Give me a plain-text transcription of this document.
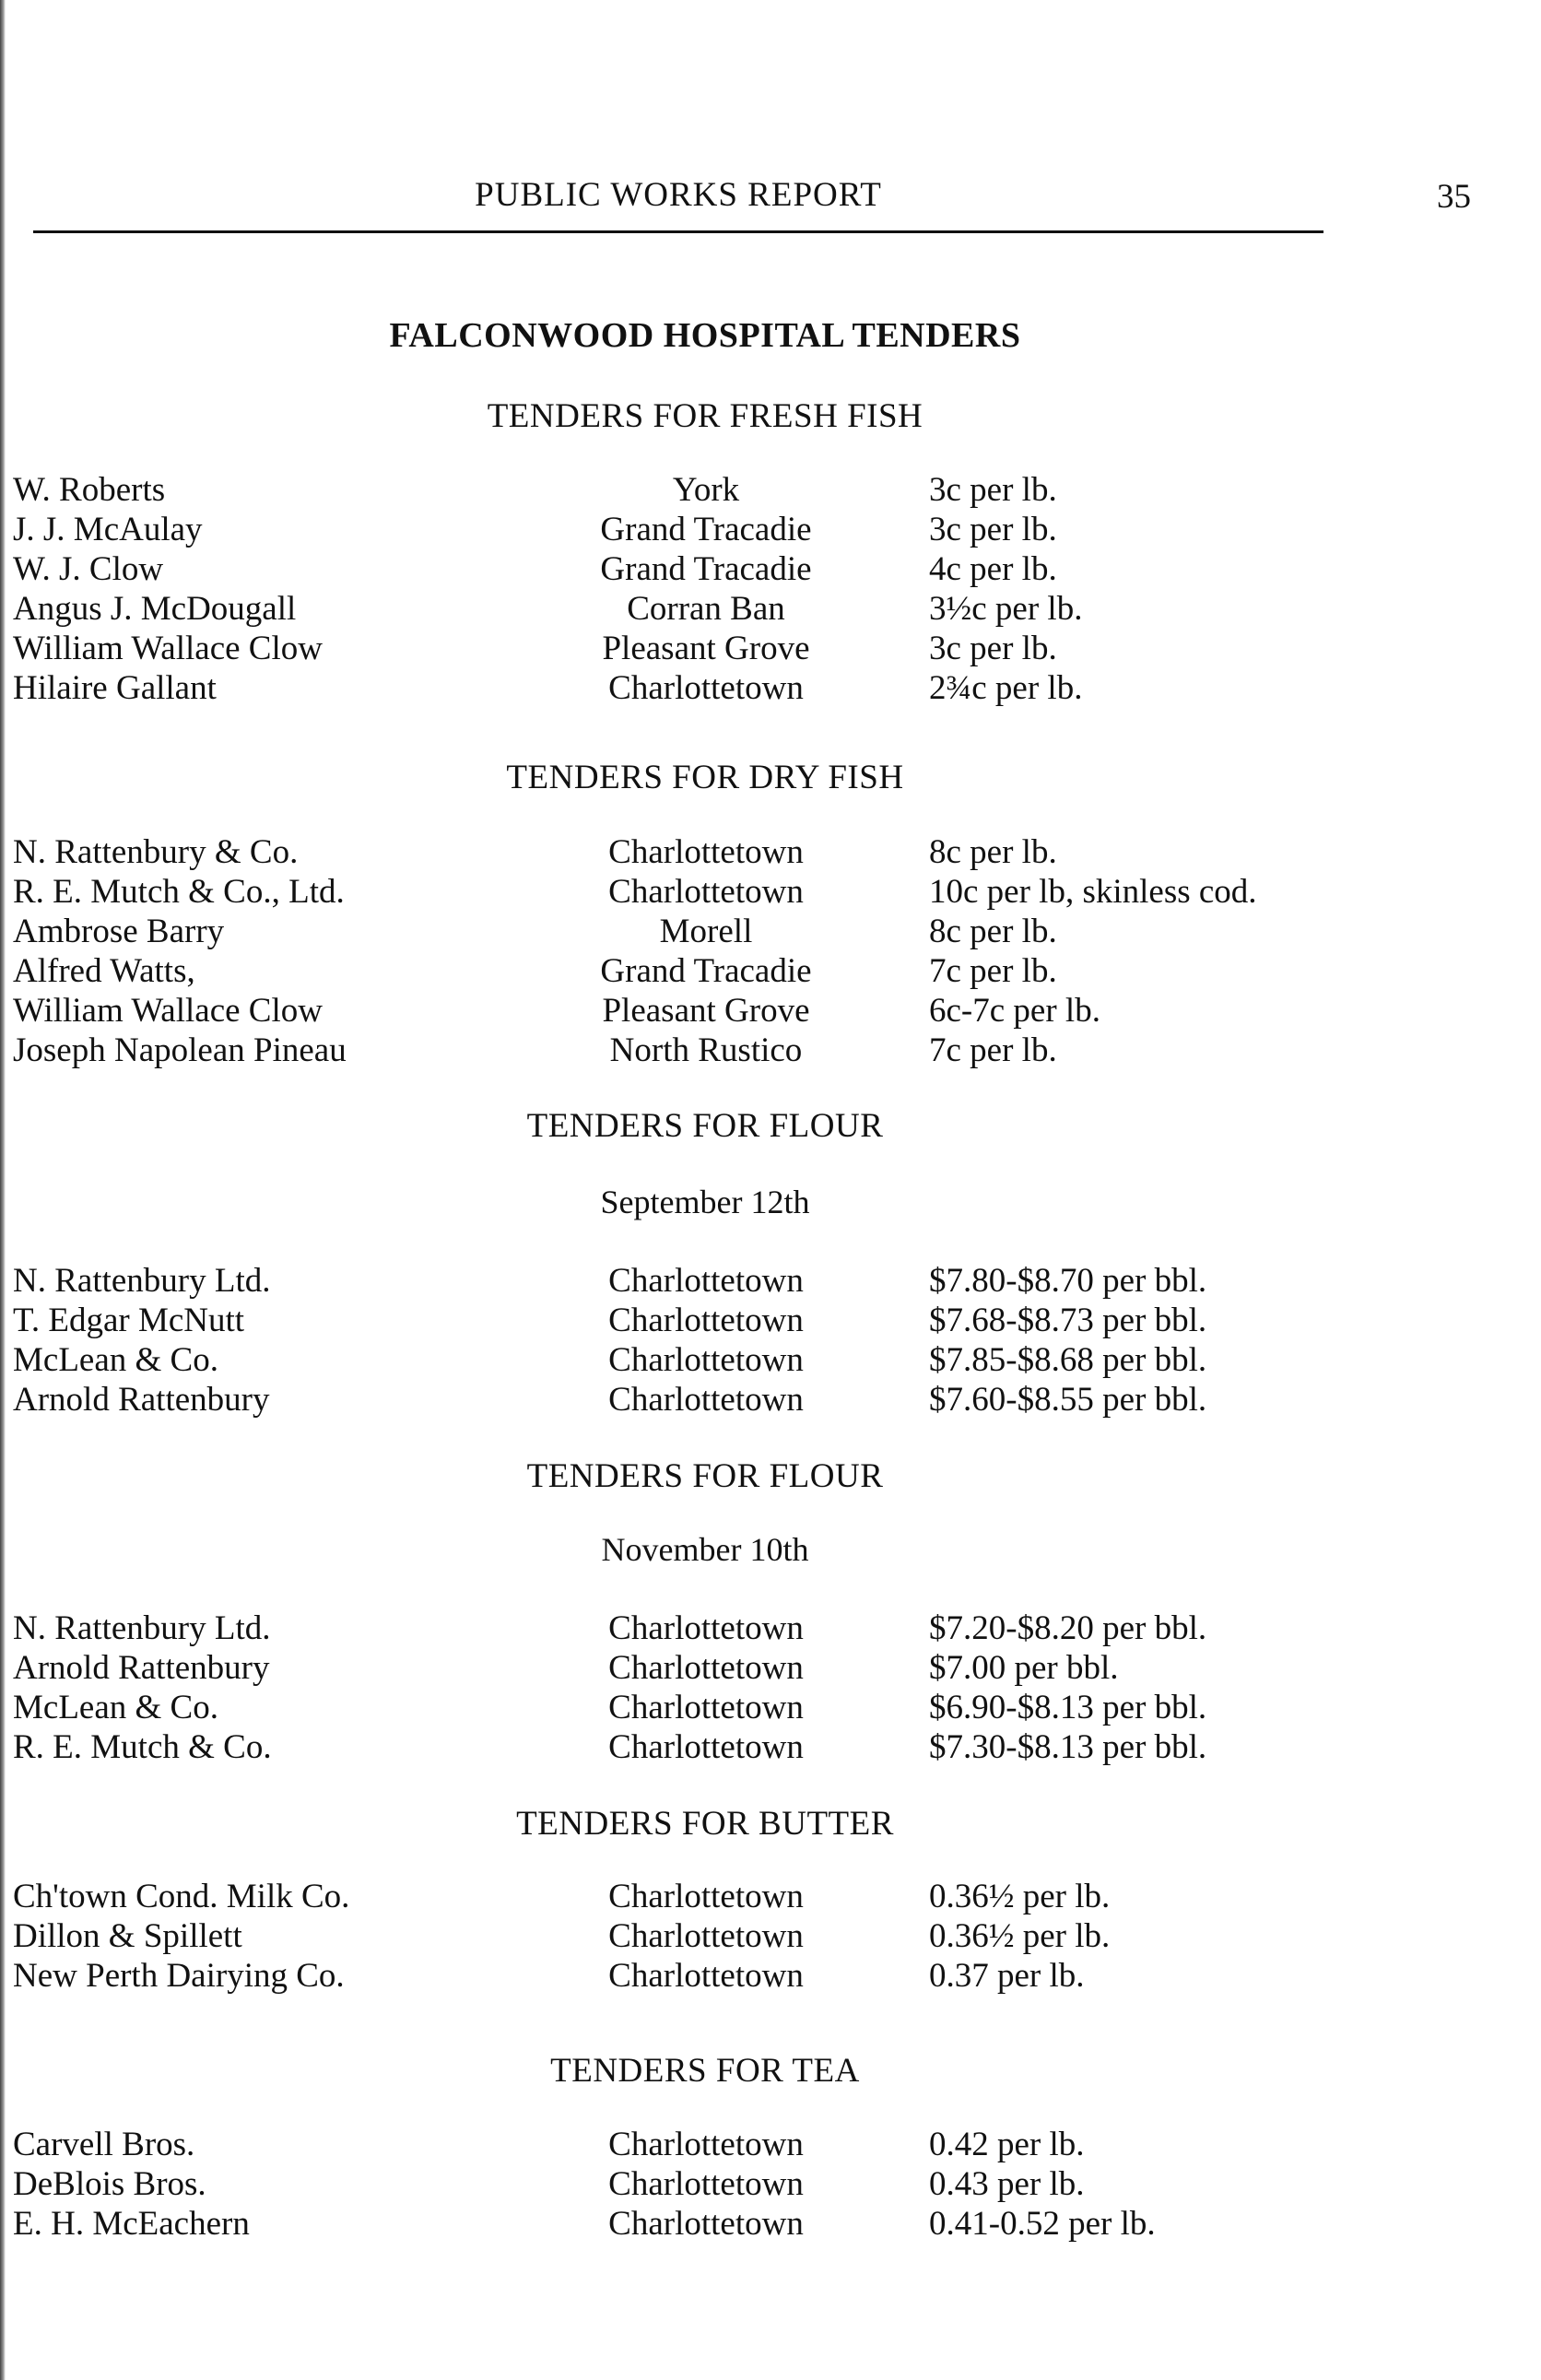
PUBLIC WORKS REPORT	35
FALCONWOOD HOSPITAL TENDERS
TENDERS FOR FRESH FISH
W. Roberts	York	3c per lb.
J. J. McAulay	Grand Tracadie	3c per lb.
W. J. Clow	Grand Tracadie	4c per lb.
Angus J. McDougall	Corran Ban	3½c per lb.
William Wallace Clow	Pleasant Grove	3c per lb.
Hilaire Gallant	Charlottetown	2¾c per lb.
TENDERS FOR DRY FISH
N. Rattenbury & Co.	Charlottetown	8c per lb.
R. E. Mutch & Co., Ltd.	Charlottetown	10c per lb, skinless cod.
Ambrose Barry	Morell	8c per lb.
Alfred Watts,	Grand Tracadie	7c per lb.
William Wallace Clow	Pleasant Grove	6c-7c per lb.
Joseph Napolean Pineau	North Rustico	7c per lb.
TENDERS FOR FLOUR
September 12th
N. Rattenbury Ltd.	Charlottetown	$7.80-$8.70 per bbl.
T. Edgar McNutt	Charlottetown	$7.68-$8.73 per bbl.
McLean & Co.	Charlottetown	$7.85-$8.68 per bbl.
Arnold Rattenbury	Charlottetown	$7.60-$8.55 per bbl.
TENDERS FOR FLOUR
November 10th
N. Rattenbury Ltd.	Charlottetown	$7.20-$8.20 per bbl.
Arnold Rattenbury	Charlottetown	$7.00 per bbl.
McLean & Co.	Charlottetown	$6.90-$8.13 per bbl.
R. E. Mutch & Co.	Charlottetown	$7.30-$8.13 per bbl.
TENDERS FOR BUTTER
Ch'town Cond. Milk Co.	Charlottetown	0.36½ per lb.
Dillon & Spillett	Charlottetown	0.36½ per lb.
New Perth Dairying Co.	Charlottetown	0.37 per lb.
TENDERS FOR TEA
Carvell Bros.	Charlottetown	0.42 per lb.
DeBlois Bros.	Charlottetown	0.43 per lb.
E. H. McEachern	Charlottetown	0.41-0.52 per lb.
